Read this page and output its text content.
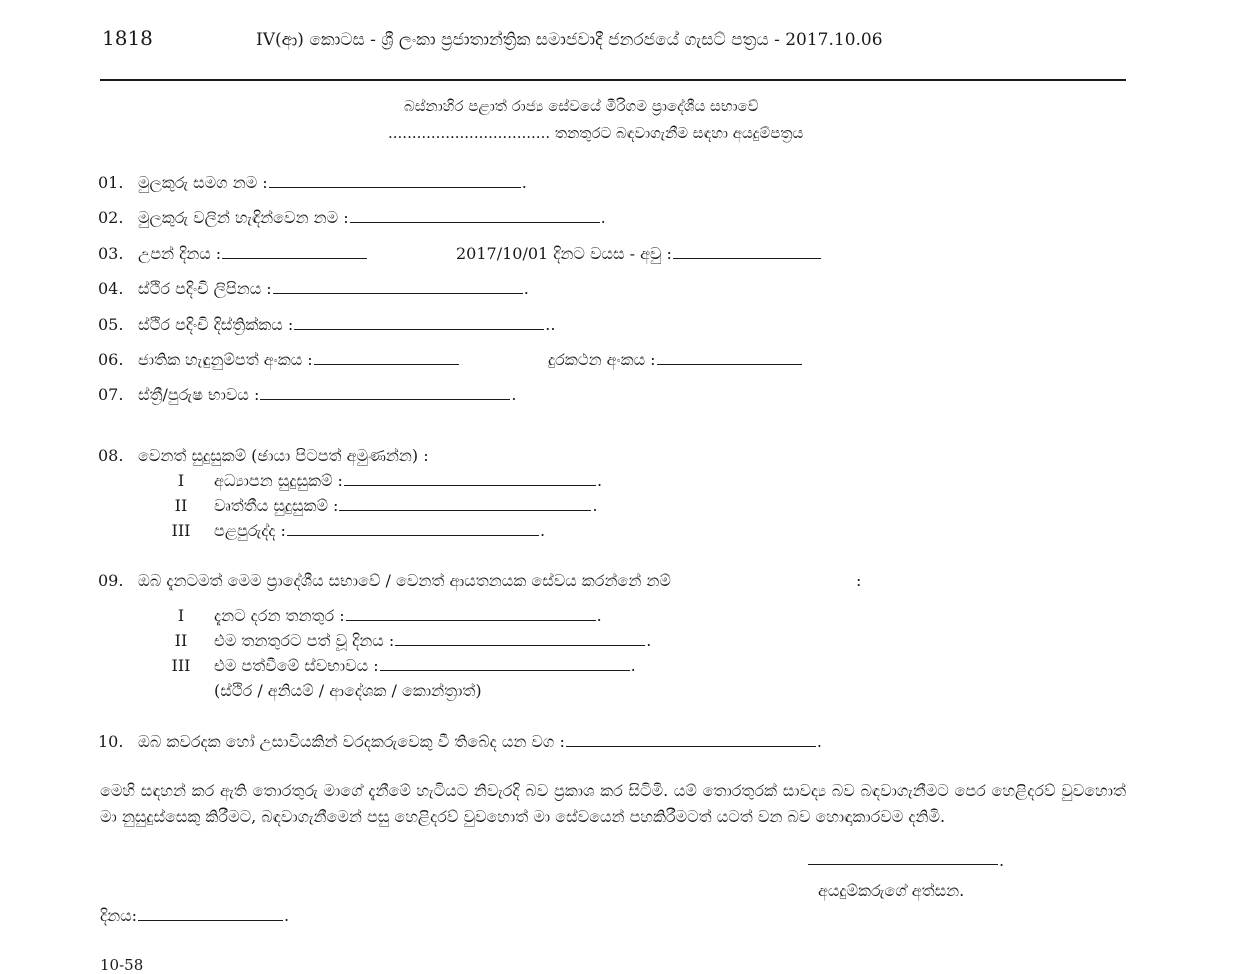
1818	IV(ආ) කොටස - ශ්‍රී ලංකා ප්‍රජාතාන්ත්‍රික සමාජවාදී ජනරජයේ ගැසට් පත්‍රය - 2017.10.06
බස්නාහිර පළාත් රාජ්‍ය සේවයේ මීරිගම ප්‍රාදේශීය සභාවේ
.................................. තනතුරට බඳවාගැනීම සඳහා අයදුම්පත්‍රය
01. මුලකුරු සමග නම :	.
02. මුලකුරු වලින් හැඳින්වෙන නම :	.
03. උපන් දිනය :	2017/10/01 දිනට වයස - අවු :
04. ස්ථිර පදිංචි ලිපිනය :	.
05. ස්ථිර පදිංචි දිස්ත්‍රික්කය :	..
06. ජාතික හැඳුනුම්පත් අංකය :	දුරකථන අංකය :
07. ස්ත්‍රී/පුරුෂ භාවය :	.
08. වෙනත් සුදුසුකම් (ඡායා පිටපත් අමුණන්න) :
I අධ්‍යාපන සුදුසුකම් :	.
II වෘත්තීය සුදුසුකම් :	.
III පළපුරුද්ද :	.
09. ඔබ දැනටමත් මෙම ප්‍රාදේශීය සභාවේ / වෙනත් ආයතනයක සේවය කරන්නේ නම්	:
I දැනට දරන තනතුර :	.
II එම තනතුරට පත් වූ දිනය :	.
III එම පත්වීමේ ස්වභාවය :	.
(ස්ථිර / අනියම් / ආදේශක / කොන්ත්‍රාත්)
10. ඔබ කවරදක හෝ උසාවියකින් වරදකරුවෙකු වී තිබේද යන වග :	.
මෙහි සඳහන් කර ඇති තොරතුරු මාගේ දැනීමේ හැටියට නිවැරදි බව ප්‍රකාශ කර සිටිමි. යම් තොරතුරක් සාවද්‍ය බව බඳවාගැනීමට පෙර හෙළිදරව් වුවහොත් මා නුසුදුස්සෙකු කිරීමට, බඳවාගැනීමෙන් පසු හෙළිදරව් වුවහොත් මා සේවයෙන් පහකිරීමටත් යටත් වන බව හොඳාකාරවම දනිමි.
.
අයදුම්කරුගේ අත්සන.
දිනය:	.
10-58
